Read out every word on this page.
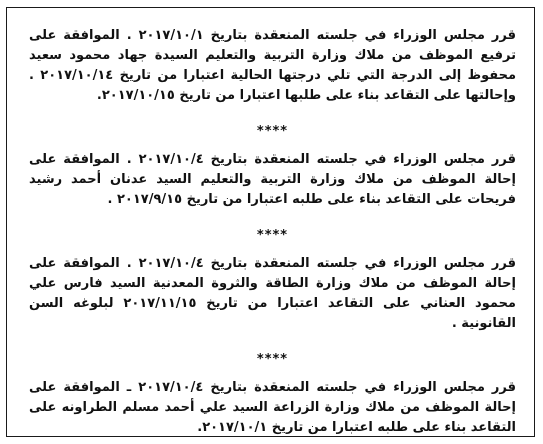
قرر مجلس الوزراء في جلسته المنعقدة بتاريخ ٢٠١٧/١٠/١ . الموافقة على ترفيع الموظف من ملاك وزارة التربية والتعليم السيدة جهاد محمود سعيد محفوظ إلى الدرجة التي تلي درجتها الحالية اعتبارا من تاريخ ٢٠١٧/١٠/١٤ . وإحالتها على التقاعد بناء على طلبها اعتبارا من تاريخ ٢٠١٧/١٠/١٥.

****

قرر مجلس الوزراء في جلسته المنعقدة بتاريخ ٢٠١٧/١٠/٤ . الموافقة على إحالة الموظف من ملاك وزارة التربية والتعليم السيد عدنان أحمد رشيد فريحات على التقاعد بناء على طلبه اعتبارا من تاريخ ٢٠١٧/٩/١٥ .

****

قرر مجلس الوزراء في جلسته المنعقدة بتاريخ ٢٠١٧/١٠/٤ . الموافقة على إحالة الموظف من ملاك وزارة الطاقة والثروة المعدنية السيد فارس علي محمود العناني على التقاعد اعتبارا من تاريخ ٢٠١٧/١١/١٥ لبلوغه السن القانونية .

****

قرر مجلس الوزراء في جلسته المنعقدة بتاريخ ٢٠١٧/١٠/٤ ـ الموافقة على إحالة الموظف من ملاك وزارة الزراعة السيد علي أحمد مسلم الطراونه على التقاعد بناء على طلبه اعتبارا من تاريخ ٢٠١٧/١٠/١.
